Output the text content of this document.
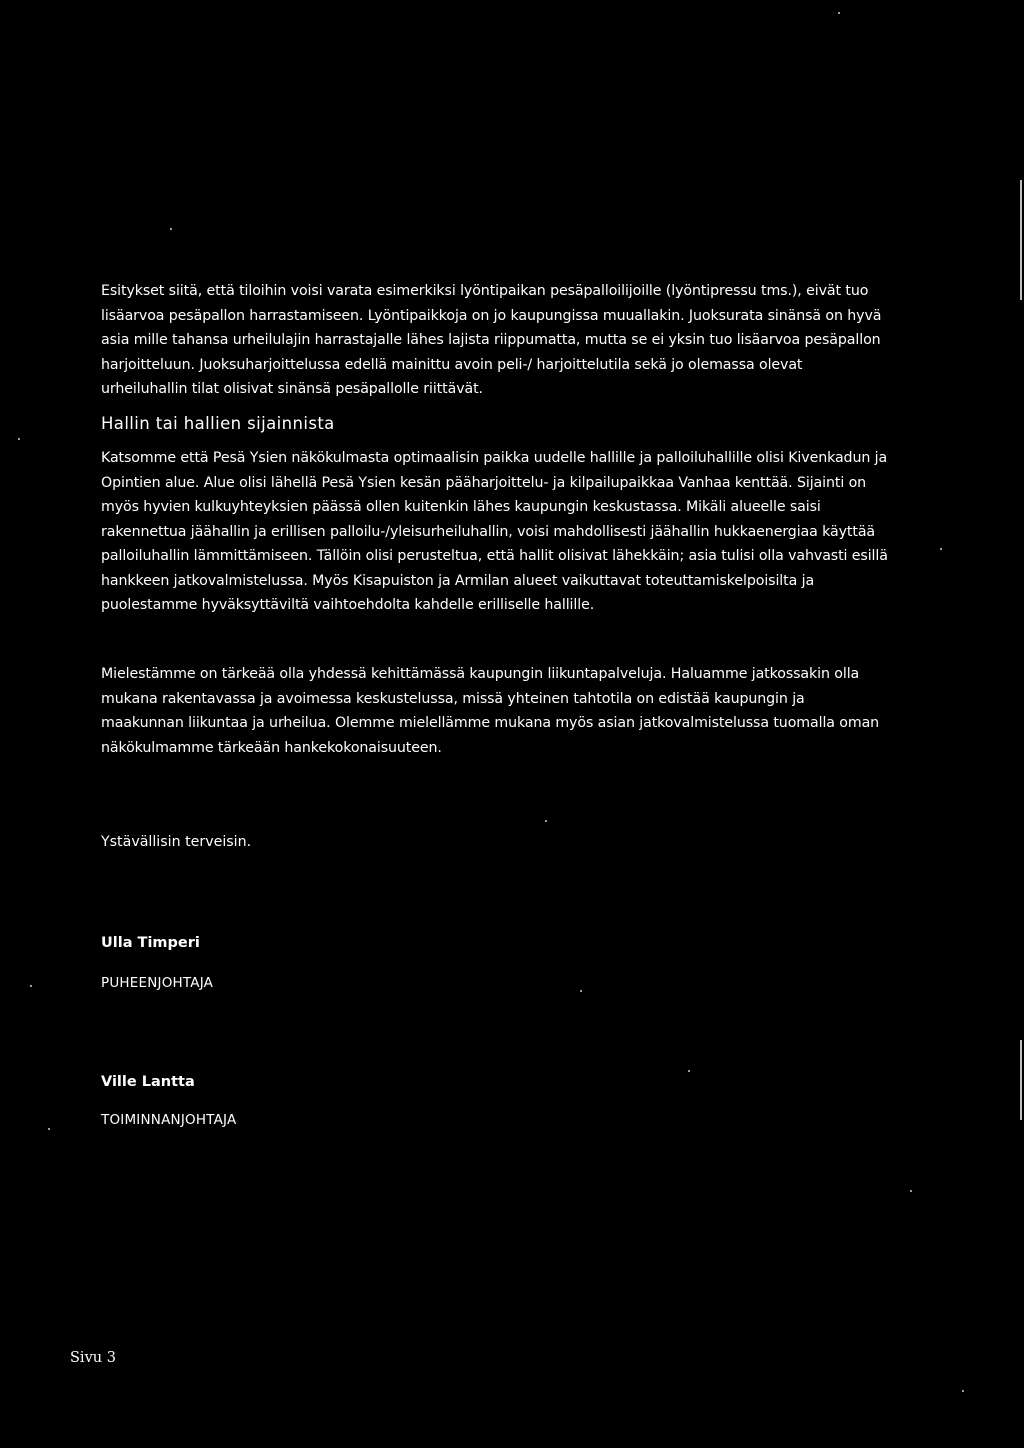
Esitykset siitä, että tiloihin voisi varata esimerkiksi lyöntipaikan pesäpalloilijoille (lyöntipressu tms.), eivät tuo
lisäarvoa pesäpallon harrastamiseen. Lyöntipaikkoja on jo kaupungissa muuallakin. Juoksurata sinänsä on hyvä
asia mille tahansa urheilulajin harrastajalle lähes lajista riippumatta, mutta se ei yksin tuo lisäarvoa pesäpallon
harjoitteluun. Juoksuharjoittelussa edellä mainittu avoin peli-/ harjoittelutila sekä jo olemassa olevat
urheiluhallin tilat olisivat sinänsä pesäpallolle riittävät.
Hallin tai hallien sijainnista
Katsomme että Pesä Ysien näkökulmasta optimaalisin paikka uudelle hallille ja palloiluhallille olisi Kivenkadun ja
Opintien alue. Alue olisi lähellä Pesä Ysien kesän pääharjoittelu- ja kilpailupaikkaa Vanhaa kenttää. Sijainti on
myös hyvien kulkuyhteyksien päässä ollen kuitenkin lähes kaupungin keskustassa. Mikäli alueelle saisi
rakennettua jäähallin ja erillisen palloilu-/yleisurheiluhallin, voisi mahdollisesti jäähallin hukkaenergiaa käyttää
palloiluhallin lämmittämiseen. Tällöin olisi perusteltua, että hallit olisivat lähekkäin; asia tulisi olla vahvasti esillä
hankkeen jatkovalmistelussa. Myös Kisapuiston ja Armilan alueet vaikuttavat toteuttamiskelpoisilta ja
puolestamme hyväksyttäviltä vaihtoehdolta kahdelle erilliselle hallille.
Mielestämme on tärkeää olla yhdessä kehittämässä kaupungin liikuntapalveluja. Haluamme jatkossakin olla
mukana rakentavassa ja avoimessa keskustelussa, missä yhteinen tahtotila on edistää kaupungin ja
maakunnan liikuntaa ja urheilua. Olemme mielellämme mukana myös asian jatkovalmistelussa tuomalla oman
näkökulmamme tärkeään hankekokonaisuuteen.
Ystävällisin terveisin.
Ulla Timperi
PUHEENJOHTAJA
Ville Lantta
TOIMINNANJOHTAJA
Sivu 3
